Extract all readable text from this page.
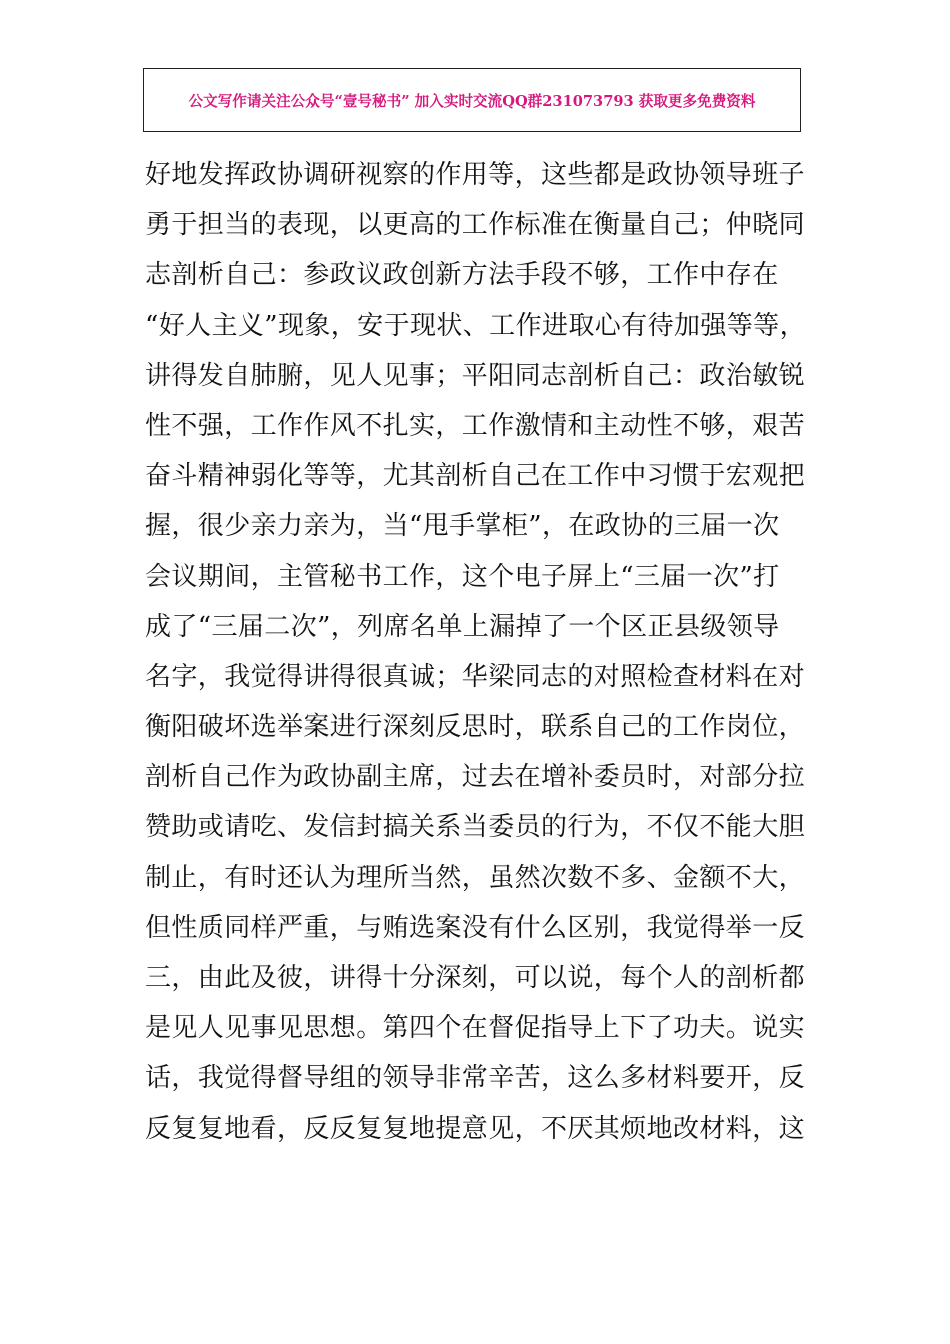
公文写作请关注公众号“壹号秘书” 加入实时交流QQ群231073793 获取更多免费资料
好地发挥政协调研视察的作用等，这些都是政协领导班子
勇于担当的表现，以更高的工作标准在衡量自己；仲晓同
志剖析自己：参政议政创新方法手段不够，工作中存在
“好人主义”现象，安于现状、工作进取心有待加强等等，
讲得发自肺腑，见人见事；平阳同志剖析自己：政治敏锐
性不强，工作作风不扎实，工作激情和主动性不够，艰苦
奋斗精神弱化等等，尤其剖析自己在工作中习惯于宏观把
握，很少亲力亲为，当“甩手掌柜”，在政协的三届一次
会议期间，主管秘书工作，这个电子屏上“三届一次”打
成了“三届二次”，列席名单上漏掉了一个区正县级领导
名字，我觉得讲得很真诚；华梁同志的对照检查材料在对
衡阳破坏选举案进行深刻反思时，联系自己的工作岗位，
剖析自己作为政协副主席，过去在增补委员时，对部分拉
赞助或请吃、发信封搞关系当委员的行为，不仅不能大胆
制止，有时还认为理所当然，虽然次数不多、金额不大，
但性质同样严重，与贿选案没有什么区别，我觉得举一反
三，由此及彼，讲得十分深刻，可以说，每个人的剖析都
是见人见事见思想。第四个在督促指导上下了功夫。说实
话，我觉得督导组的领导非常辛苦，这么多材料要开，反
反复复地看，反反复复地提意见，不厌其烦地改材料，这
